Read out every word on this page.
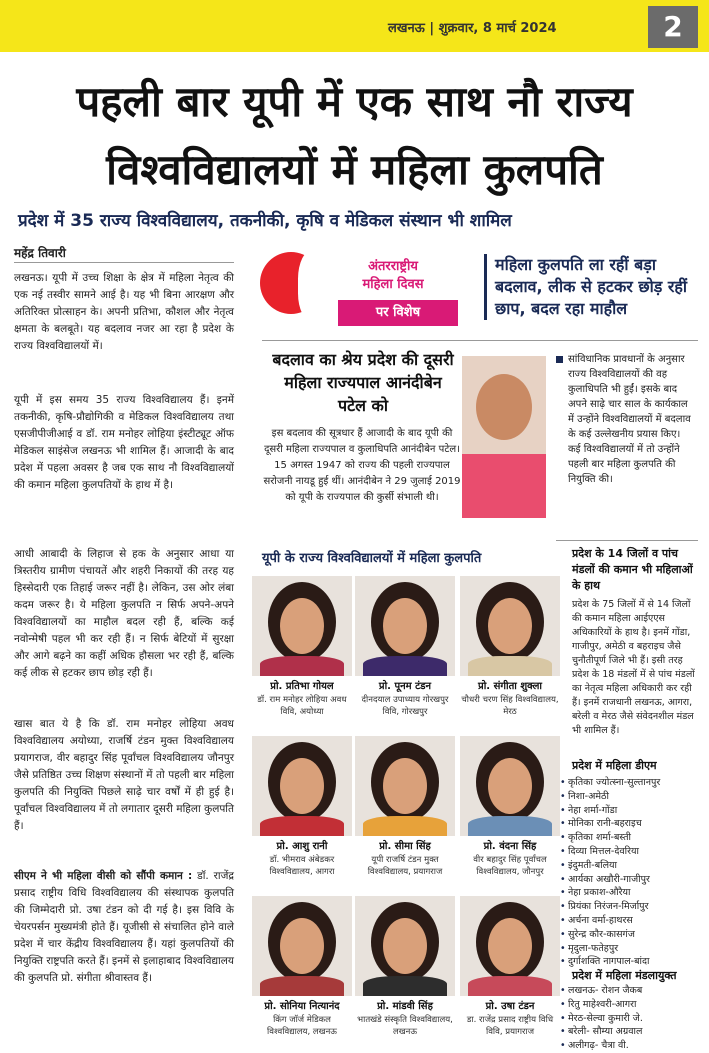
लखनऊ | शुक्रवार, 8 मार्च 2024	2
पहली बार यूपी में एक साथ नौ राज्य
विश्वविद्यालयों में महिला कुलपति
प्रदेश में 35 राज्य विश्वविद्यालय, तकनीकी, कृषि व मेडिकल संस्थान भी शामिल
महेंद्र तिवारी
लखनऊ। यूपी में उच्च शिक्षा के क्षेत्र में महिला नेतृत्व की एक नई तस्वीर सामने आई है। यह भी बिना आरक्षण और अतिरिक्त प्रोत्साहन के। अपनी प्रतिभा, कौशल और नेतृत्व क्षमता के बलबूते। यह बदलाव नजर आ रहा है प्रदेश के राज्य विश्वविद्यालयों में।
यूपी में इस समय 35 राज्य विश्वविद्यालय हैं। इनमें तकनीकी, कृषि-प्रौद्योगिकी व मेडिकल विश्वविद्यालय तथा एसजीपीजीआई व डॉ. राम मनोहर लोहिया इंस्टीट्यूट ऑफ मेडिकल साइंसेज लखनऊ भी शामिल हैं। आजादी के बाद प्रदेश में पहला अवसर है जब एक साथ नौ विश्वविद्यालयों की कमान महिला कुलपतियों के हाथ में है।
आधी आबादी के लिहाज से हक के अनुसार आधा या त्रिस्तरीय ग्रामीण पंचायतें और शहरी निकायों की तरह यह हिस्सेदारी एक तिहाई जरूर नहीं है। लेकिन, उस ओर लंबा कदम जरूर है। ये महिला कुलपति न सिर्फ अपने-अपने विश्वविद्यालयों का माहौल बदल रही हैं, बल्कि कई नवोन्मेषी पहल भी कर रही हैं। न सिर्फ बेटियों में सुरक्षा और आगे बढ़ने का कहीं अधिक हौसला भर रही हैं, बल्कि कई लीक से हटकर छाप छोड़ रही हैं।
खास बात ये है कि डॉ. राम मनोहर लोहिया अवध विश्वविद्यालय अयोध्या, राजर्षि टंडन मुक्त विश्वविद्यालय प्रयागराज, वीर बहादुर सिंह पूर्वांचल विश्वविद्यालय जौनपुर जैसे प्रतिष्ठित उच्च शिक्षण संस्थानों में तो पहली बार महिला कुलपति की नियुक्ति पिछले साढ़े चार वर्षों में ही हुई है। पूर्वांचल विश्वविद्यालय में तो लगातार दूसरी महिला कुलपति हैं।
सीएम ने भी महिला वीसी को सौंपी कमान : डॉ. राजेंद्र प्रसाद राष्ट्रीय विधि विश्वविद्यालय की संस्थापक कुलपति की जिम्मेदारी प्रो. उषा टंडन को दी गई है। इस विवि के चेयरपर्सन मुख्यमंत्री होते हैं। यूजीसी से संचालित होने वाले प्रदेश में चार केंद्रीय विश्वविद्यालय हैं। यहां कुलपतियों की नियुक्ति राष्ट्रपति करते हैं। इनमें से इलाहाबाद विश्वविद्यालय की कुलपति प्रो. संगीता श्रीवास्तव हैं।
अंतरराष्ट्रीय
महिला दिवस
पर विशेष
महिला कुलपति ला रहीं बड़ा बदलाव, लीक से हटकर छोड़ रहीं छाप, बदल रहा माहौल
बदलाव का श्रेय प्रदेश की दूसरी महिला राज्यपाल आनंदीबेन पटेल को
इस बदलाव की सूत्रधार हैं आजादी के बाद यूपी की दूसरी महिला राज्यपाल व कुलाधिपति आनंदीबेन पटेल। 15 अगस्त 1947 को राज्य की पहली राज्यपाल सरोजनी नायडू हुई थीं। आनंदीबेन ने 29 जुलाई 2019 को यूपी के राज्यपाल की कुर्सी संभाली थी।
सांविधानिक प्रावधानों के अनुसार राज्य विश्वविद्यालयों की वह कुलाधिपति भी हुईं। इसके बाद अपने साढ़े चार साल के कार्यकाल में उन्होंने विश्वविद्यालयों में बदलाव के कई उल्लेखनीय प्रयास किए। कई विश्वविद्यालयों में तो उन्होंने पहली बार महिला कुलपति की नियुक्ति की।
प्रदेश के 14 जिलों व पांच मंडलों की कमान भी महिलाओं के हाथ
प्रदेश के 75 जिलों में से 14 जिलों की कमान महिला आईएएस अधिकारियों के हाथ है। इनमें गोंडा, गाजीपुर, अमेठी व बहराइच जैसे चुनौतीपूर्ण जिले भी हैं। इसी तरह प्रदेश के 18 मंडलों में से पांच मंडलों का नेतृत्व महिला अधिकारी कर रही हैं। इनमें राजधानी लखनऊ, आगरा, बरेली व मेरठ जैसे संवेदनशील मंडल भी शामिल हैं।
प्रदेश में महिला डीएम
• कृतिका ज्योत्स्ना-सुल्तानपुर
• निशा-अमेठी
• नेहा शर्मा-गोंडा
• मोनिका रानी-बहराइच
• कृतिका शर्मा-बस्ती
• दिव्या मित्तल-देवरिया
• इंदुमती-बलिया
• आर्यका अखौरी-गाजीपुर
• नेहा प्रकाश-औरैया
• प्रियंका निरंजन-मिर्जापुर
• अर्चना वर्मा-हाथरस
• सुरेन्द्र कौर-कासगंज
• मृदुला-फतेहपुर
• दुर्गाशक्ति नागपाल-बांदा
प्रदेश में महिला मंडलायुक्त
• लखनऊ- रोशन जैकब
• रितु माहेश्वरी-आगरा
• मेरठ-सेल्वा कुमारी जे.
• बरेली- सौम्या अग्रवाल
• अलीगढ़- चैत्रा वी.
यूपी के राज्य विश्वविद्यालयों में महिला कुलपति
प्रो. प्रतिभा गोयल
डॉ. राम मनोहर लोहिया अवध विवि, अयोध्या
प्रो. पूनम टंडन
दीनदयाल उपाध्याय गोरखपुर विवि, गोरखपुर
प्रो. संगीता शुक्ला
चौधरी चरण सिंह विश्वविद्यालय, मेरठ
प्रो. आशु रानी
डॉ. भीमराव अंबेडकर विश्वविद्यालय, आगरा
प्रो. सीमा सिंह
यूपी राजर्षि टंडन मुक्त विश्वविद्यालय, प्रयागराज
प्रो. वंदना सिंह
वीर बहादुर सिंह पूर्वांचल विश्वविद्यालय, जौनपुर
प्रो. सोनिया नित्यानंद
किंग जॉर्ज मेडिकल विश्वविद्यालय, लखनऊ
प्रो. मांडवी सिंह
भातखंडे संस्कृति विश्वविद्यालय, लखनऊ
प्रो. उषा टंडन
डा. राजेंद्र प्रसाद राष्ट्रीय विधि विवि, प्रयागराज
